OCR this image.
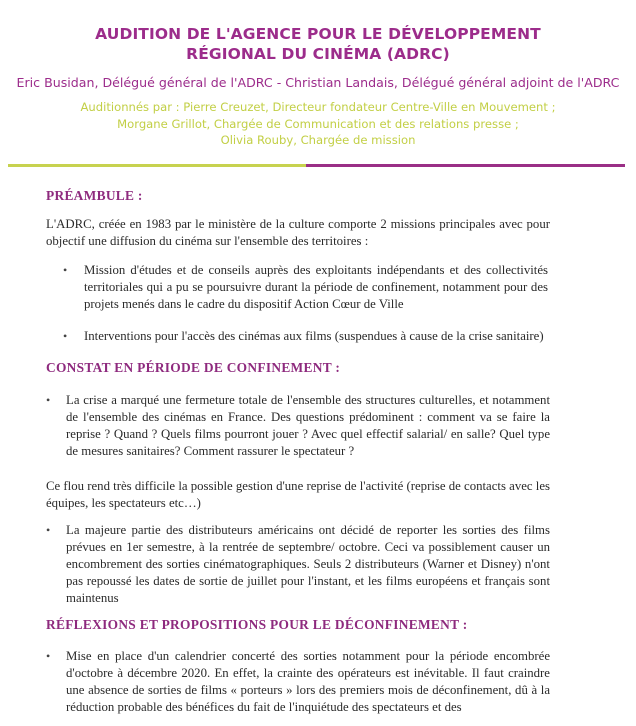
AUDITION DE L'AGENCE POUR LE DÉVELOPPEMENT
RÉGIONAL DU CINÉMA (ADRC)
Eric Busidan, Délégué général de l'ADRC - Christian Landais, Délégué général adjoint de l'ADRC
Auditionnés par : Pierre Creuzet, Directeur fondateur Centre-Ville en Mouvement ;
Morgane Grillot, Chargée de Communication et des relations presse ;
Olivia Rouby, Chargée de mission
PRÉAMBULE :

L'ADRC, créée en 1983 par le ministère de la culture comporte 2 missions principales avec pour objectif une diffusion du cinéma sur l'ensemble des territoires :

• Mission d'études et de conseils auprès des exploitants indépendants et des collectivités territoriales qui a pu se poursuivre durant la période de confinement, notamment pour des projets menés dans le cadre du dispositif Action Cœur de Ville

• Interventions pour l'accès des cinémas aux films (suspendues à cause de la crise sanitaire)

CONSTAT EN PÉRIODE DE CONFINEMENT :
• La crise a marqué une fermeture totale de l'ensemble des structures culturelles, et notamment de l'ensemble des cinémas en France. Des questions prédominent : comment va se faire la reprise ? Quand ? Quels films pourront jouer ? Avec quel effectif salarial/ en salle? Quel type de mesures sanitaires? Comment rassurer le spectateur ?

Ce flou rend très difficile la possible gestion d'une reprise de l'activité (reprise de contacts avec les équipes, les spectateurs etc…)

• La majeure partie des distributeurs américains ont décidé de reporter les sorties des films prévues en 1er semestre, à la rentrée de septembre/ octobre. Ceci va possiblement causer un encombrement des sorties cinématographiques. Seuls 2 distributeurs (Warner et Disney) n'ont pas repoussé les dates de sortie de juillet pour l'instant, et les films européens et français sont maintenus

RÉFLEXIONS ET PROPOSITIONS POUR LE DÉCONFINEMENT :
• Mise en place d'un calendrier concerté des sorties notamment pour la période encombrée d'octobre à décembre 2020. En effet, la crainte des opérateurs est inévitable. Il faut craindre une absence de sorties de films « porteurs » lors des premiers mois de déconfinement, dû à la réduction probable des bénéfices du fait de l'inquiétude des spectateurs et des
